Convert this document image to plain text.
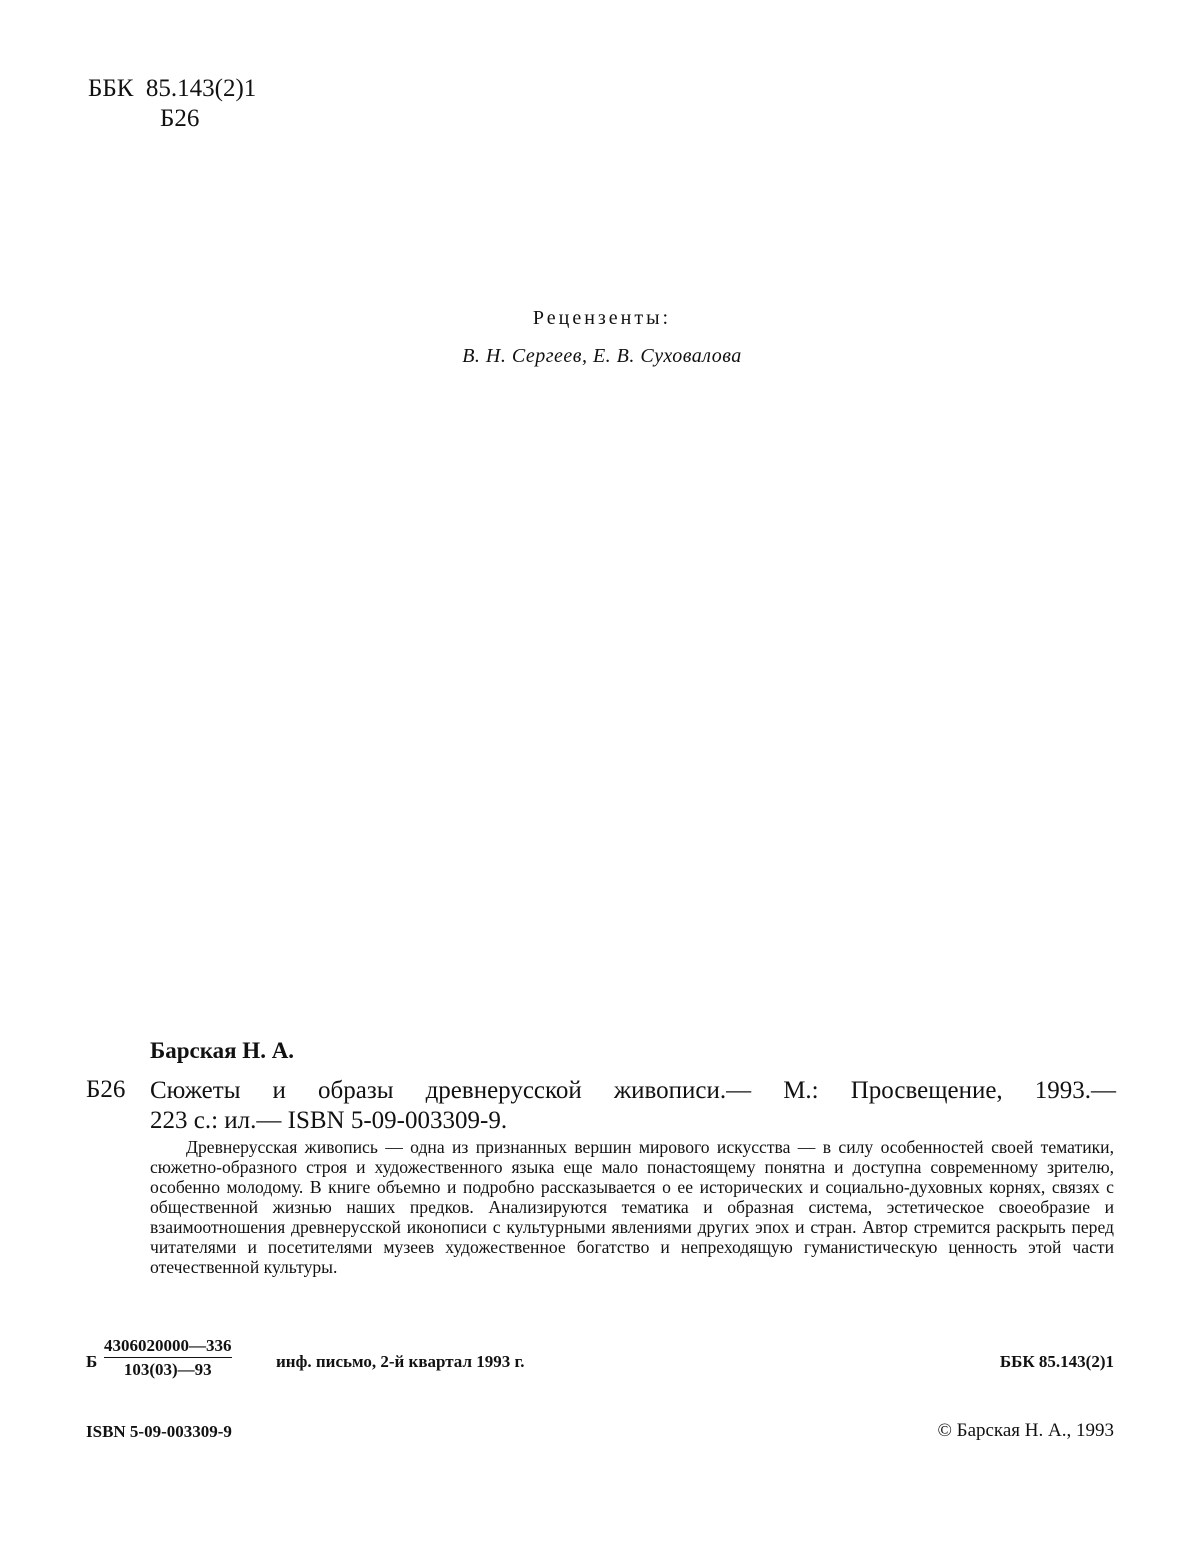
ББК 85.143(2)1
Б26
Рецензенты:
В. Н. Сергеев, Е. В. Суховалова
Барская Н. А.
Б26 Сюжеты и образы древнерусской живописи.— М.: Просвещение, 1993.—
223 с.: ил.— ISBN 5-09-003309-9.
Древнерусская живопись — одна из признанных вершин мирового искусства — в силу особенностей своей тематики, сюжетно-образного строя и художественного языка еще мало понастоящему понятна и доступна современному зрителю, особенно молодому. В книге объемно и подробно рассказывается о ее исторических и социально-духовных корнях, связях с общественной жизнью наших предков. Анализируются тематика и образная система, эстетическое своеобразие и взаимоотношения древнерусской иконописи с культурными явлениями других эпох и стран. Автор стремится раскрыть перед читателями и посетителями музеев художественное богатство и непреходящую гуманистическую ценность этой части отечественной культуры.
Б $\frac{4306020000—336}{103(03)—93}$	инф. письмо, 2-й квартал 1993 г.	ББК 85.143(2)1
ISBN 5-09-003309-9	© Барская Н. А., 1993
